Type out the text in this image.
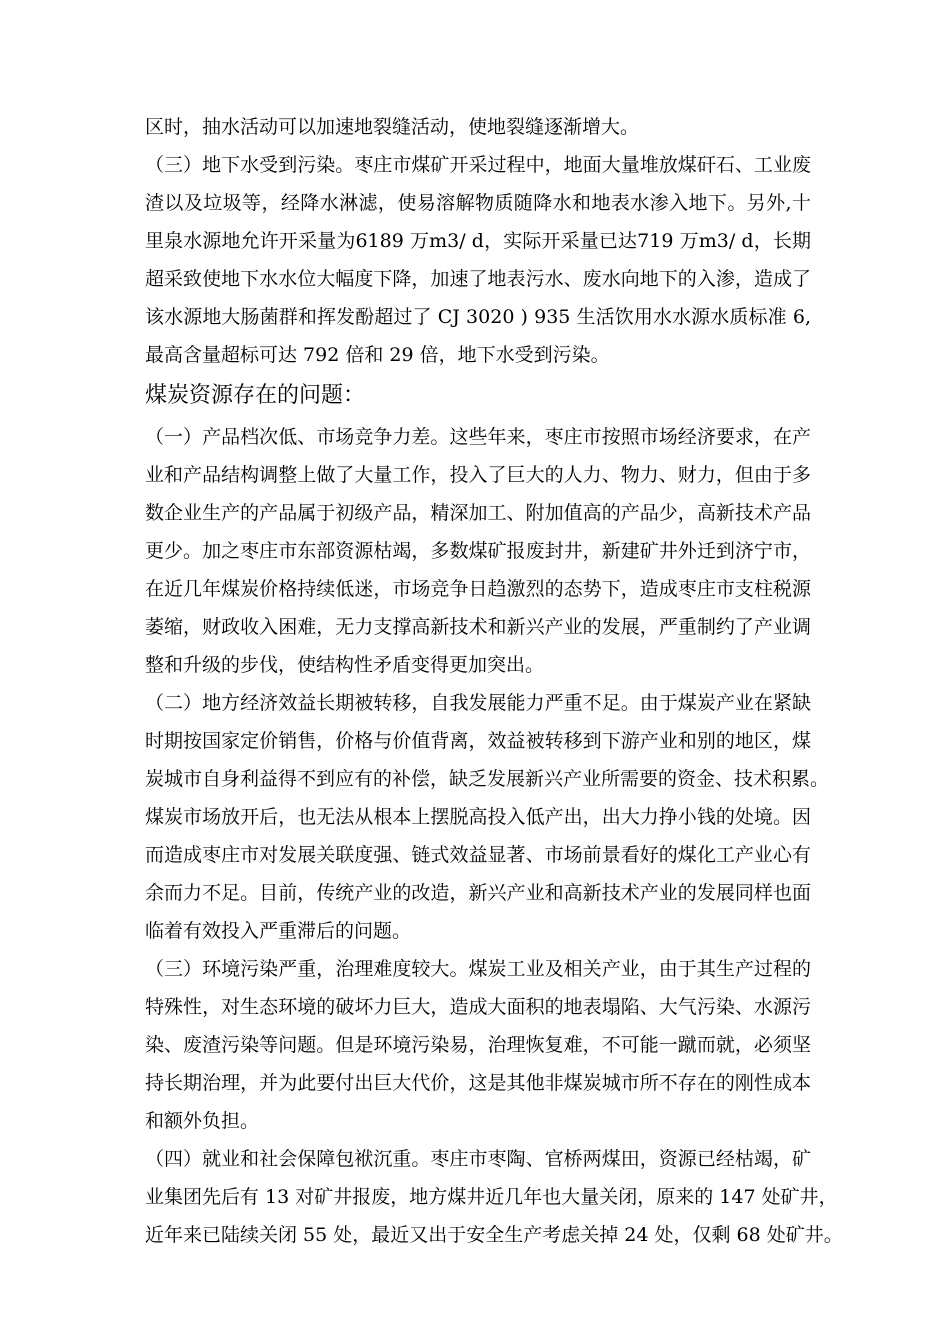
区时，抽水活动可以加速地裂缝活动，使地裂缝逐渐增大。
（三）地下水受到污染。枣庄市煤矿开采过程中，地面大量堆放煤矸石、工业废
渣以及垃圾等，经降水淋滤，使易溶解物质随降水和地表水渗入地下。另外,十
里泉水源地允许开采量为6189 万m3/ d，实际开采量已达719 万m3/ d，长期
超采致使地下水水位大幅度下降，加速了地表污水、废水向地下的入渗，造成了
该水源地大肠菌群和挥发酚超过了 CJ 3020 ) 935 生活饮用水水源水质标准 6,
最高含量超标可达 792 倍和 29 倍，地下水受到污染。
煤炭资源存在的问题：
（一）产品档次低、市场竞争力差。这些年来，枣庄市按照市场经济要求，在产
业和产品结构调整上做了大量工作，投入了巨大的人力、物力、财力，但由于多
数企业生产的产品属于初级产品，精深加工、附加值高的产品少，高新技术产品
更少。加之枣庄市东部资源枯竭，多数煤矿报废封井，新建矿井外迁到济宁市，
在近几年煤炭价格持续低迷，市场竞争日趋激烈的态势下，造成枣庄市支柱税源
萎缩，财政收入困难，无力支撑高新技术和新兴产业的发展，严重制约了产业调
整和升级的步伐，使结构性矛盾变得更加突出。
（二）地方经济效益长期被转移，自我发展能力严重不足。由于煤炭产业在紧缺
时期按国家定价销售，价格与价值背离，效益被转移到下游产业和别的地区，煤
炭城市自身利益得不到应有的补偿，缺乏发展新兴产业所需要的资金、技术积累。
煤炭市场放开后，也无法从根本上摆脱高投入低产出，出大力挣小钱的处境。因
而造成枣庄市对发展关联度强、链式效益显著、市场前景看好的煤化工产业心有
余而力不足。目前，传统产业的改造，新兴产业和高新技术产业的发展同样也面
临着有效投入严重滞后的问题。
（三）环境污染严重，治理难度较大。煤炭工业及相关产业，由于其生产过程的
特殊性，对生态环境的破坏力巨大，造成大面积的地表塌陷、大气污染、水源污
染、废渣污染等问题。但是环境污染易，治理恢复难，不可能一蹴而就，必须坚
持长期治理，并为此要付出巨大代价，这是其他非煤炭城市所不存在的刚性成本
和额外负担。
（四）就业和社会保障包袱沉重。枣庄市枣陶、官桥两煤田，资源已经枯竭，矿
业集团先后有 13 对矿井报废，地方煤井近几年也大量关闭，原来的 147 处矿井，
近年来已陆续关闭 55 处，最近又出于安全生产考虑关掉 24 处，仅剩 68 处矿井。
